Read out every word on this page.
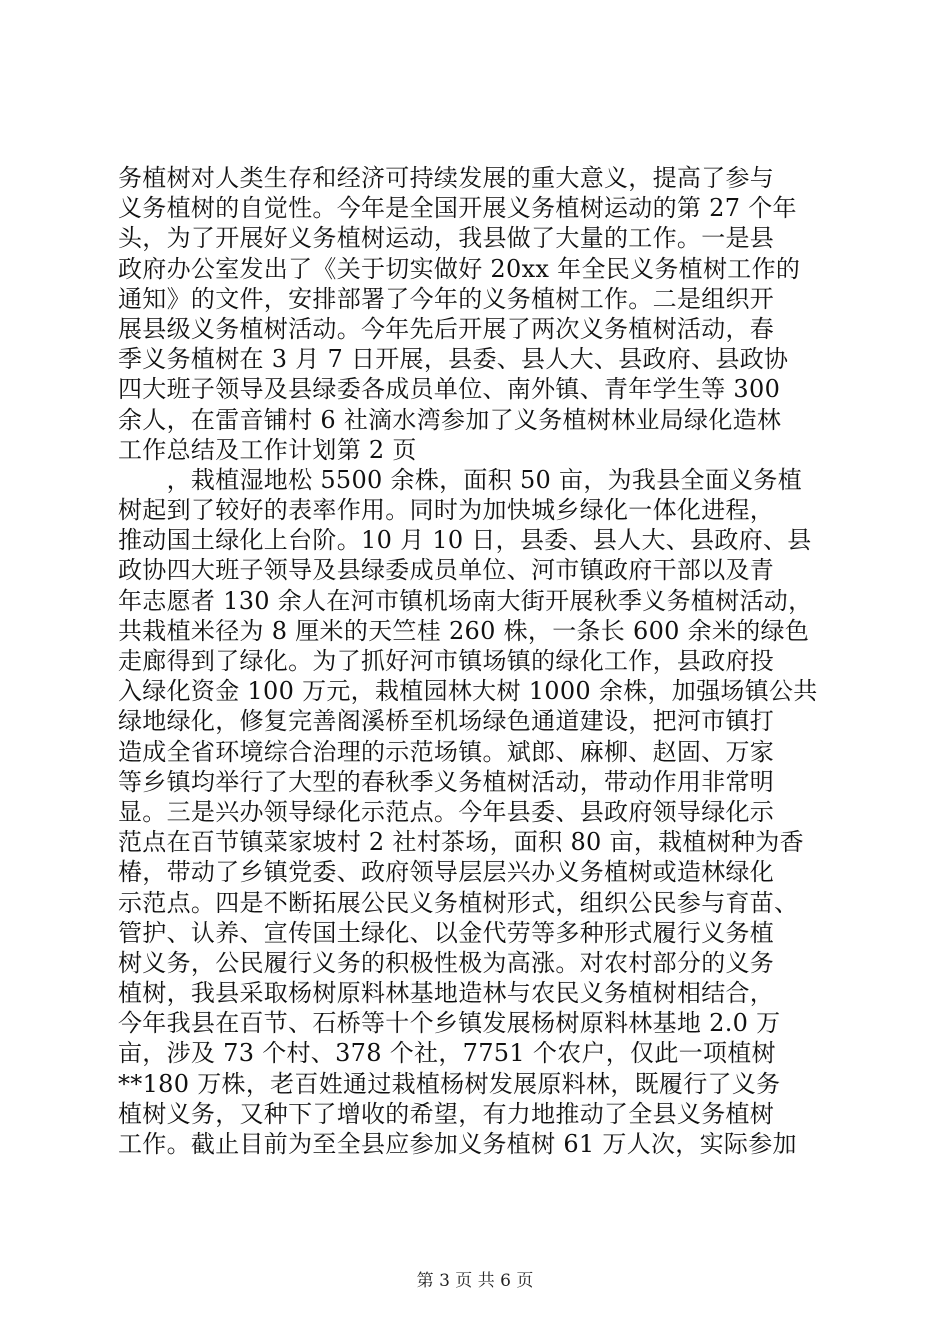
务植树对人类生存和经济可持续发展的重大意义，提高了参与
义务植树的自觉性。今年是全国开展义务植树运动的第 27 个年
头，为了开展好义务植树运动，我县做了大量的工作。一是县
政府办公室发出了《关于切实做好 20xx 年全民义务植树工作的
通知》的文件，安排部署了今年的义务植树工作。二是组织开
展县级义务植树活动。今年先后开展了两次义务植树活动，春
季义务植树在 3 月 7 日开展，县委、县人大、县政府、县政协
四大班子领导及县绿委各成员单位、南外镇、青年学生等 300
余人，在雷音铺村 6 社滴水湾参加了义务植树林业局绿化造林
工作总结及工作计划第 2 页
　　，栽植湿地松 5500 余株，面积 50 亩，为我县全面义务植
树起到了较好的表率作用。同时为加快城乡绿化一体化进程，
推动国土绿化上台阶。10 月 10 日，县委、县人大、县政府、县
政协四大班子领导及县绿委成员单位、河市镇政府干部以及青
年志愿者 130 余人在河市镇机场南大街开展秋季义务植树活动，
共栽植米径为 8 厘米的天竺桂 260 株，一条长 600 余米的绿色
走廊得到了绿化。为了抓好河市镇场镇的绿化工作，县政府投
入绿化资金 100 万元，栽植园林大树 1000 余株，加强场镇公共
绿地绿化，修复完善阁溪桥至机场绿色通道建设，把河市镇打
造成全省环境综合治理的示范场镇。斌郎、麻柳、赵固、万家
等乡镇均举行了大型的春秋季义务植树活动，带动作用非常明
显。三是兴办领导绿化示范点。今年县委、县政府领导绿化示
范点在百节镇菜家坡村 2 社村茶场，面积 80 亩，栽植树种为香
椿，带动了乡镇党委、政府领导层层兴办义务植树或造林绿化
示范点。四是不断拓展公民义务植树形式，组织公民参与育苗、
管护、认养、宣传国土绿化、以金代劳等多种形式履行义务植
树义务，公民履行义务的积极性极为高涨。对农村部分的义务
植树，我县采取杨树原料林基地造林与农民义务植树相结合，
今年我县在百节、石桥等十个乡镇发展杨树原料林基地 2.0 万
亩，涉及 73 个村、378 个社，7751 个农户，仅此一项植树
**180 万株，老百姓通过栽植杨树发展原料林，既履行了义务
植树义务，又种下了增收的希望，有力地推动了全县义务植树
工作。截止目前为至全县应参加义务植树 61 万人次，实际参加
第 3 页 共 6 页
